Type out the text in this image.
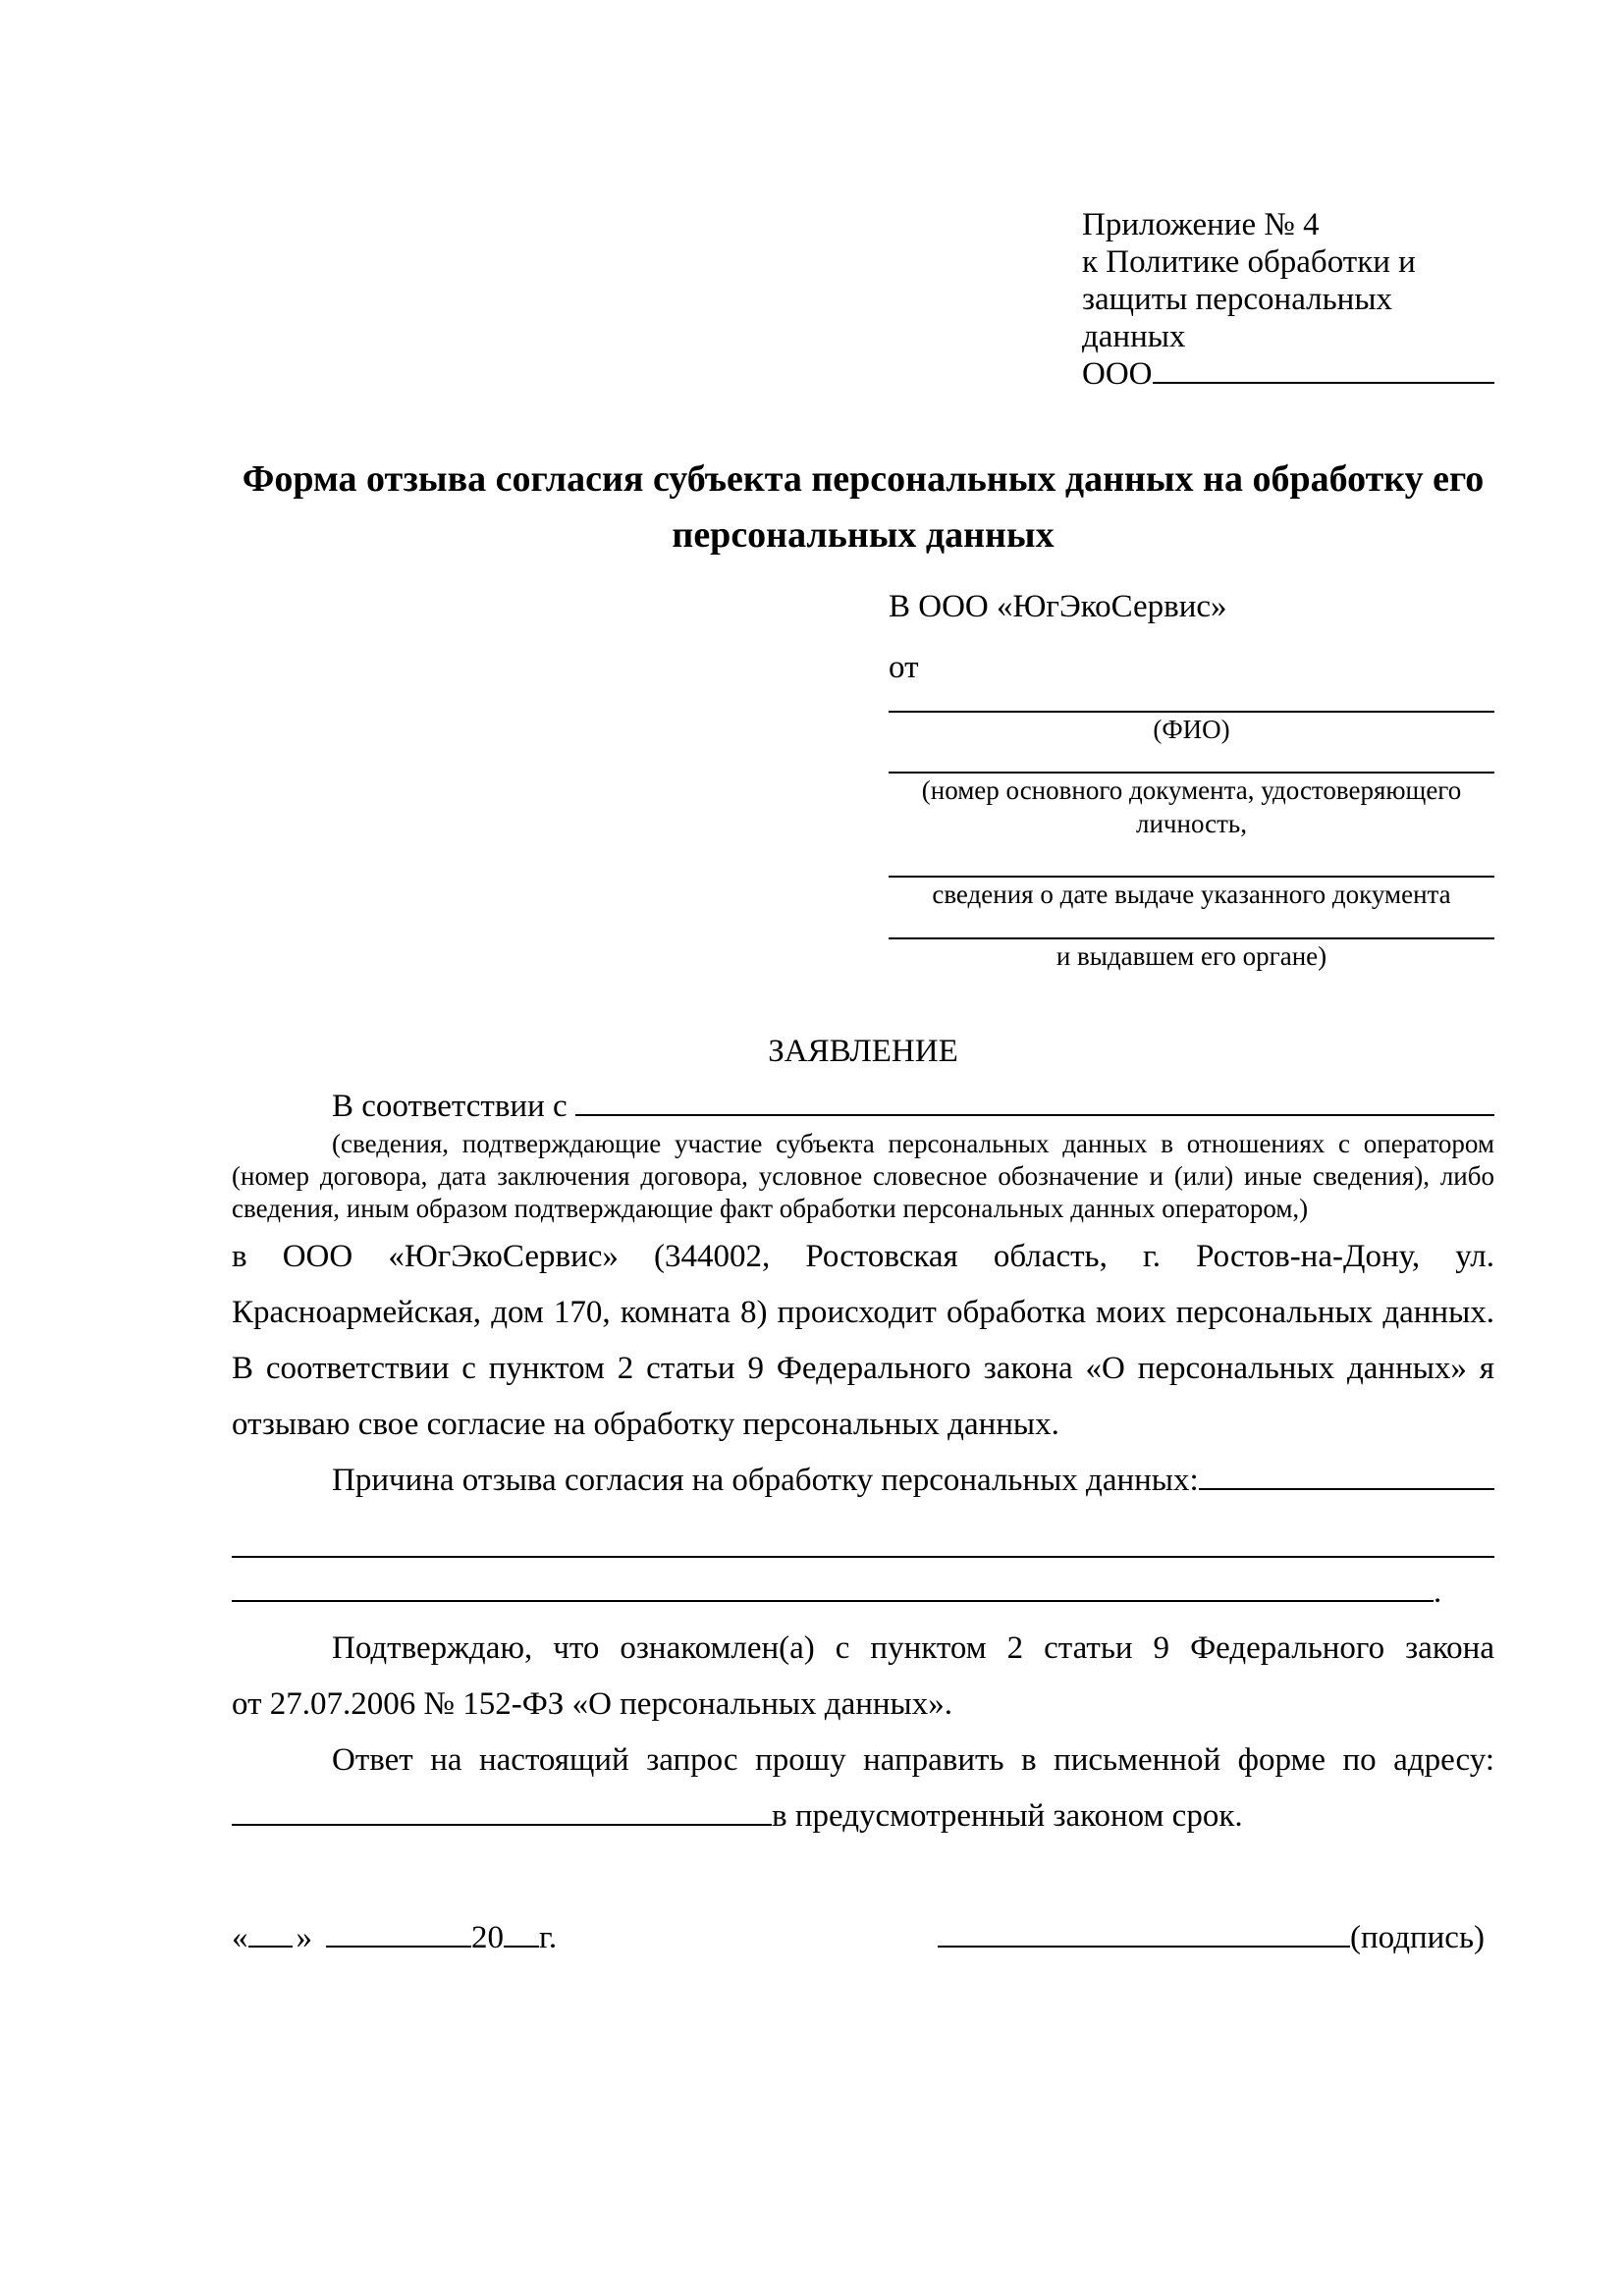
Приложение № 4
к Политике обработки и
защиты персональных данных
ООО
Форма отзыва согласия субъекта персональных данных на обработку его персональных данных
В ООО «ЮгЭкоСервис»
от
(ФИО)
(номер основного документа, удостоверяющего личность,
сведения о дате выдаче указанного документа
и выдавшем его органе)
ЗАЯВЛЕНИЕ
В соответствии с
(сведения, подтверждающие участие субъекта персональных данных в отношениях с оператором (номер договора, дата заключения договора, условное словесное обозначение и (или) иные сведения), либо сведения, иным образом подтверждающие факт обработки персональных данных оператором,)
в ООО «ЮгЭкоСервис» (344002, Ростовская область, г. Ростов-на-Дону, ул.
Красноармейская, дом 170, комната 8) происходит обработка моих персональных данных.
В соответствии с пунктом 2 статьи 9 Федерального закона «О персональных данных» я
отзываю свое согласие на обработку персональных данных.
Причина отзыва согласия на обработку персональных данных:
.
Подтверждаю, что ознакомлен(а) с пунктом 2 статьи 9 Федерального закона
от 27.07.2006 № 152-ФЗ «О персональных данных».
Ответ на настоящий запрос прошу направить в письменной форме по адресу:
в предусмотренный законом срок.
« »	20 г.	(подпись)
